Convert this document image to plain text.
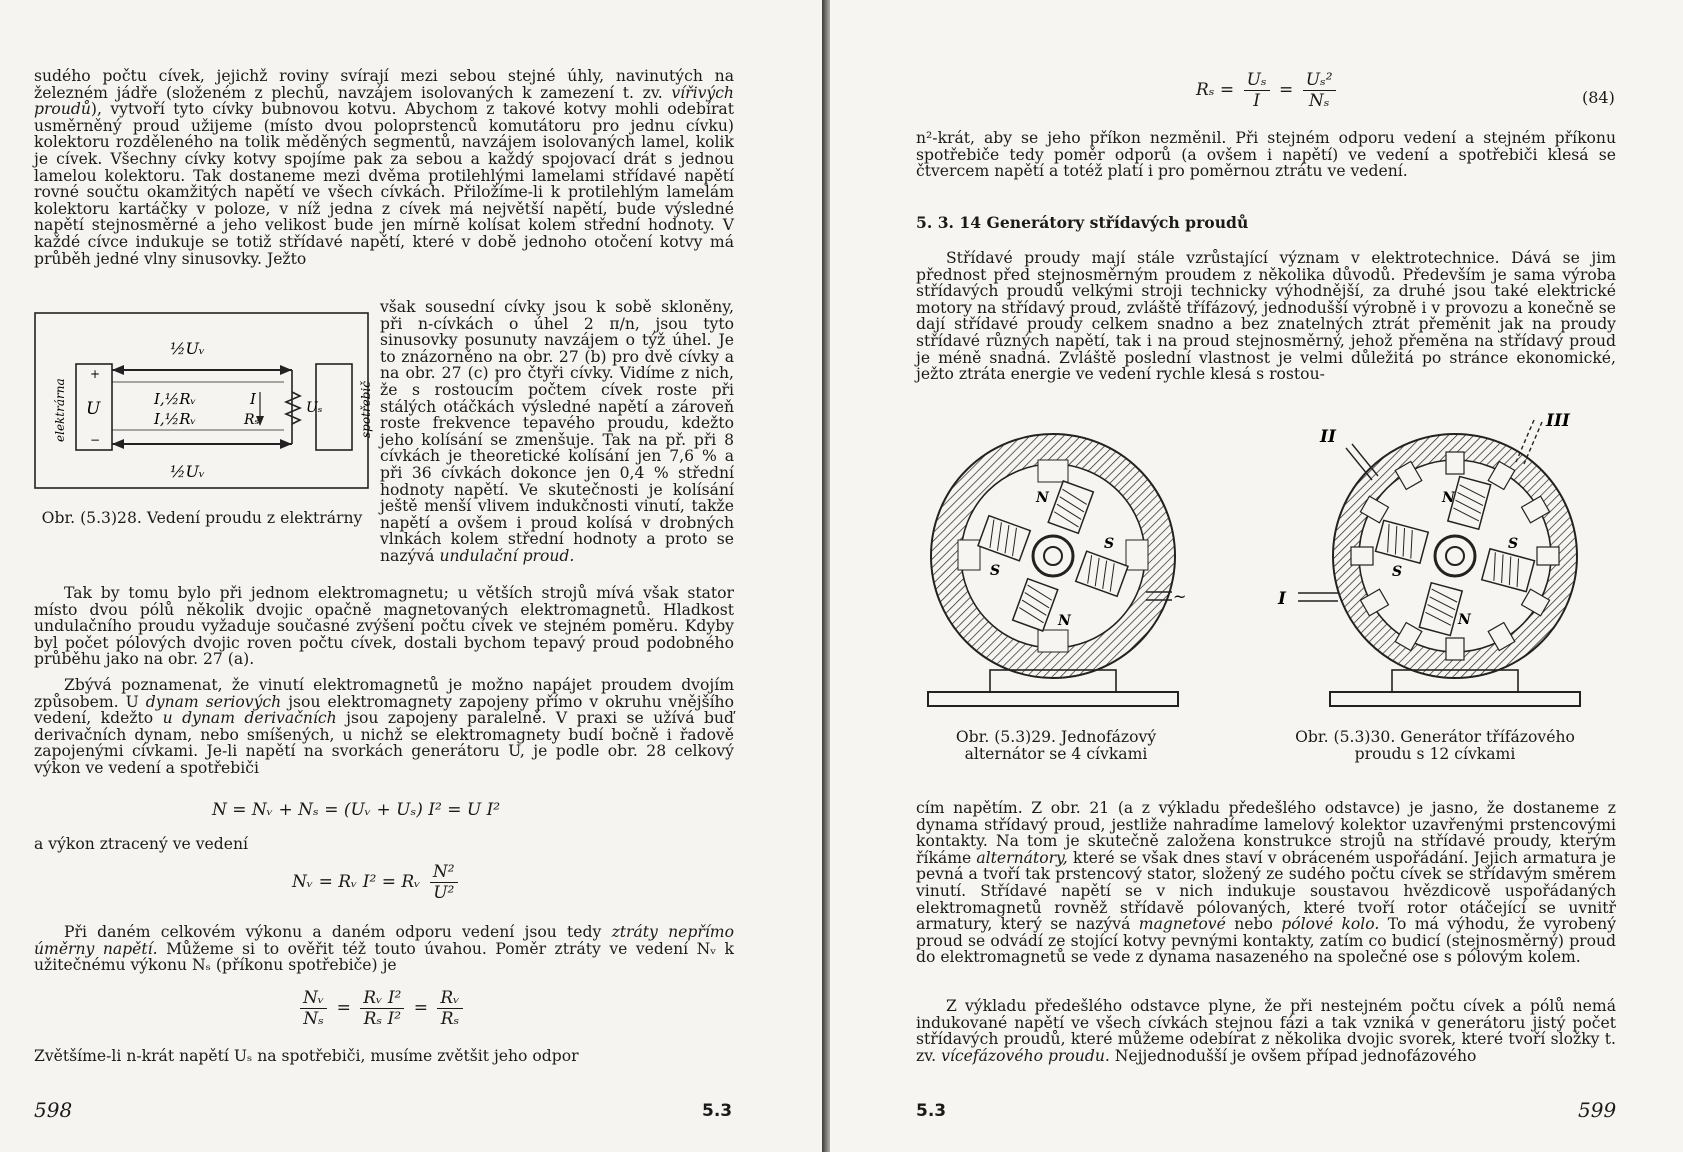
sudého počtu cívek, jejichž roviny svírají mezi sebou stejné úhly, navinutých na železném jádře (složeném z plechů, navzájem isolovaných k zamezení t. zv. vířivých proudů), vytvoří tyto cívky bubnovou kotvu. Abychom z takové kotvy mohli odebírat usměrněný proud užijeme (místo dvou poloprstenců komutátoru pro jednu cívku) kolektoru rozděleného na tolik měděných segmentů, navzájem isolovaných lamel, kolik je cívek. Všechny cívky kotvy spojíme pak za sebou a každý spojovací drát s jednou lamelou kolektoru. Tak dostaneme mezi dvěma protilehlými lamelami střídavé napětí rovné součtu okamžitých napětí ve všech cívkách. Přiložíme-li k protilehlým lamelám kolektoru kartáčky v poloze, v níž jedna z cívek má největší napětí, bude výsledné napětí stejnosměrné a jeho velikost bude jen mírně kolísat kolem střední hodnoty. V každé cívce indukuje se totiž střídavé napětí, které v době jednoho otočení kotvy má průběh jedné vlny sinusovky. Ježto
však sousední cívky jsou k sobě skloněny, při n-cívkách o úhel 2 π/n, jsou tyto sinusovky posunuty navzájem o týž úhel. Je to znázorněno na obr. 27 (b) pro dvě cívky a na obr. 27 (c) pro čtyři cívky. Vidíme z nich, že s rostoucím počtem cívek roste při stálých otáčkách výsledné napětí a zároveň roste frekvence tepavého proudu, kdežto jeho kolísání se zmenšuje. Tak na př. při 8 cívkách je theoretické kolísání jen 7,6 % a při 36 cívkách dokonce jen 0,4 % střední hodnoty napětí. Ve skutečnosti je kolísání ještě menší vlivem indukčnosti vinutí, takže napětí a ovšem i proud kolísá v drobných vlnkách kolem střední hodnoty a proto se nazývá undulační proud.
½Uᵥ
½Uᵥ
I,½Rᵥ
I,½Rᵥ
U
+
−
I
Rₛ
Uₛ
elektrárna	spotřebič
Obr. (5.3)28. Vedení proudu z elektrárny
Tak by tomu bylo při jednom elektromagnetu; u větších strojů mívá však stator místo dvou pólů několik dvojic opačně magnetovaných elektromagnetů. Hladkost undulačního proudu vyžaduje současné zvýšení počtu cívek ve stejném poměru. Kdyby byl počet pólových dvojic roven počtu cívek, dostali bychom tepavý proud podobného průběhu jako na obr. 27 (a).
Zbývá poznamenat, že vinutí elektromagnetů je možno napájet proudem dvojím způsobem. U dynam seriových jsou elektromagnety zapojeny přímo v okruhu vnějšího vedení, kdežto u dynam derivačních jsou zapojeny paralelně. V praxi se užívá buď derivačních dynam, nebo smíšených, u nichž se elektromagnety budí bočně i řadově zapojenými cívkami. Je-li napětí na svorkách generátoru U, je podle obr. 28 celkový výkon ve vedení a spotřebiči
N = Nᵥ + Nₛ = (Uᵥ + Uₛ) I² = U I²
a výkon ztracený ve vedení
Nᵥ = Rᵥ I² = Rᵥ $\frac{\text{N²}}{\text{U²}}$
Při daném celkovém výkonu a daném odporu vedení jsou tedy ztráty nepřímo úměrny napětí. Můžeme si to ověřit též touto úvahou. Poměr ztráty ve vedení Nᵥ k užitečnému výkonu Nₛ (příkonu spotřebiče) je
$\frac{\text{Nᵥ}}{\text{Nₛ}} = \frac{\text{Rᵥ I²}}{\text{Rₛ I²}} = \frac{\text{Rᵥ}}{\text{Rₛ}}$
Zvětšíme-li n-krát napětí Uₛ na spotřebiči, musíme zvětšit jeho odpor
598	5.3
$R_s = \frac{\text{Uₛ}}{I} = \frac{\text{Uₛ²}}{\text{Nₛ}}$	(84)
n²-krát, aby se jeho příkon nezměnil. Při stejném odporu vedení a stejném příkonu spotřebiče tedy poměr odporů (a ovšem i napětí) ve vedení a spotřebiči klesá se čtvercem napětí a totéž platí i pro poměrnou ztrátu ve vedení.
5. 3. 14 Generátory střídavých proudů
Střídavé proudy mají stále vzrůstající význam v elektrotechnice. Dává se jim přednost před stejnosměrným proudem z několika důvodů. Především je sama výroba střídavých proudů velkými stroji technicky výhodnější, za druhé jsou také elektrické motory na střídavý proud, zvláště třífázový, jednodušší výrobně i v provozu a konečně se dají střídavé proudy celkem snadno a bez znatelných ztrát přeměnit jak na proudy střídavé různých napětí, tak i na proud stejnosměrný, jehož přeměna na střídavý proud je méně snadná. Zvláště poslední vlastnost je velmi důležitá po stránce ekonomické, ježto ztráta energie ve vedení rychle klesá s rostou-
N
N
S
S
~
N
N
S
S
I
II
III
Obr. (5.3)29. Jednofázový alternátor se 4 cívkami
Obr. (5.3)30. Generátor třífázového proudu s 12 cívkami
cím napětím. Z obr. 21 (a z výkladu předešlého odstavce) je jasno, že dostaneme z dynama střídavý proud, jestliže nahradíme lamelový kolektor uzavřenými prstencovými kontakty. Na tom je skutečně založena konstrukce strojů na střídavé proudy, kterým říkáme alternátory, které se však dnes staví v obráceném uspořádání. Jejich armatura je pevná a tvoří tak prstencový stator, složený ze sudého počtu cívek se střídavým směrem vinutí. Střídavé napětí se v nich indukuje soustavou hvězdicově uspořádaných elektromagnetů rovněž střídavě pólovaných, které tvoří rotor otáčející se uvnitř armatury, který se nazývá magnetové nebo pólové kolo. To má výhodu, že vyrobený proud se odvádí ze stojící kotvy pevnými kontakty, zatím co budicí (stejnosměrný) proud do elektromagnetů se vede z dynama nasazeného na společné ose s pólovým kolem.
Z výkladu předešlého odstavce plyne, že při nestejném počtu cívek a pólů nemá indukované napětí ve všech cívkách stejnou fázi a tak vzniká v generátoru jistý počet střídavých proudů, které můžeme odebírat z několika dvojic svorek, které tvoří složky t. zv. vícefázového proudu. Nejjednodušší je ovšem případ jednofázového
5.3	599
